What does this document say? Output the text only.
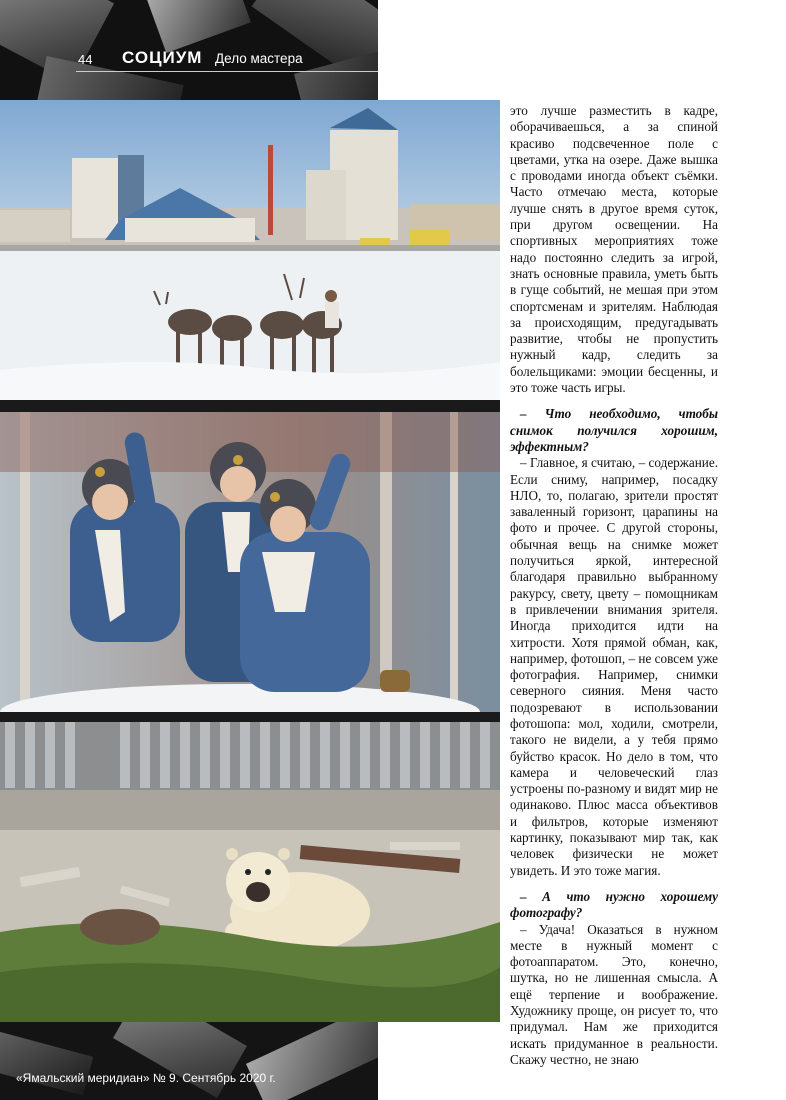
44 СОЦИУМ Дело мастера
«Ямальский меридиан» № 9. Сентябрь 2020 г.

это лучше разместить в кадре, оборачиваешься, а за спиной красиво подсвеченное поле с цветами, утка на озере. Даже вышка с проводами иногда объект съёмки. Часто отмечаю места, которые лучше снять в другое время суток, при другом освещении. На спортивных мероприятиях тоже надо постоянно следить за игрой, знать основные правила, уметь быть в гуще событий, не мешая при этом спортсменам и зрителям. Наблюдая за происходящим, предугадывать развитие, чтобы не пропустить нужный кадр, следить за болельщиками: эмоции бесценны, и это тоже часть игры.

– Что необходимо, чтобы снимок получился хорошим, эффектным?

– Главное, я считаю, – содержание. Если сниму, например, посадку НЛО, то, полагаю, зрители простят заваленный горизонт, царапины на фото и прочее. С другой стороны, обычная вещь на снимке может получиться яркой, интересной благодаря правильно выбранному ракурсу, свету, цвету – помощникам в привлечении внимания зрителя. Иногда приходится идти на хитрости. Хотя прямой обман, как, например, фотошоп, – не совсем уже фотография. Например, снимки северного сияния. Меня часто подозревают в использовании фотошопа: мол, ходили, смотрели, такого не видели, а у тебя прямо буйство красок. Но дело в том, что камера и человеческий глаз устроены по-разному и видят мир не одинаково. Плюс масса объективов и фильтров, которые изменяют картинку, показывают мир так, как человек физически не может увидеть. И это тоже магия.

– А что нужно хорошему фотографу?

– Удача! Оказаться в нужном месте в нужный момент с фотоаппаратом. Это, конечно, шутка, но не лишенная смысла. А ещё терпение и воображение. Художнику проще, он рисует то, что придумал. Нам же приходится искать придуманное в реальности. Скажу честно, не знаю
